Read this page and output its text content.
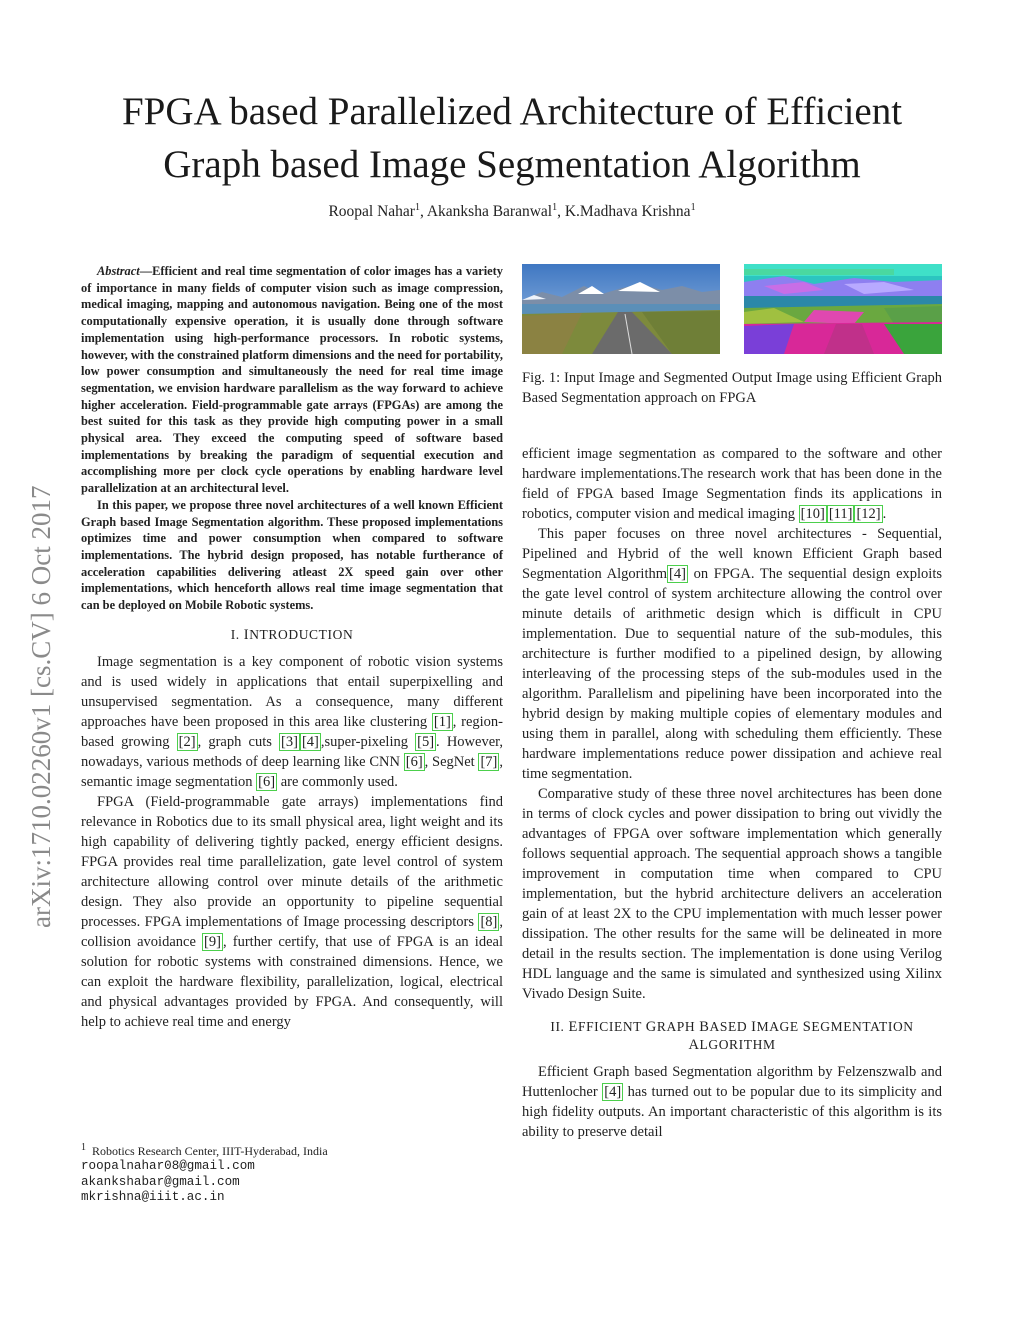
arXiv:1710.02260v1 [cs.CV] 6 Oct 2017
FPGA based Parallelized Architecture of Efficient
Graph based Image Segmentation Algorithm
Roopal Nahar$^1$, Akanksha Baranwal$^1$, K.Madhava Krishna$^1$

Abstract—Efficient and real time segmentation of color images has a variety of importance in many fields of computer vision such as image compression, medical imaging, mapping and autonomous navigation. Being one of the most computationally expensive operation, it is usually done through software implementation using high-performance processors. In robotic systems, however, with the constrained platform dimensions and the need for portability, low power consumption and simultaneously the need for real time image segmentation, we envision hardware parallelism as the way forward to achieve higher acceleration. Field-programmable gate arrays (FPGAs) are among the best suited for this task as they provide high computing power in a small physical area. They exceed the computing speed of software based implementations by breaking the paradigm of sequential execution and accomplishing more per clock cycle operations by enabling hardware level parallelization at an architectural level.

In this paper, we propose three novel architectures of a well known Efficient Graph based Image Segmentation algorithm. These proposed implementations optimizes time and power consumption when compared to software implementations. The hybrid design proposed, has notable furtherance of acceleration capabilities delivering atleast 2X speed gain over other implementations, which henceforth allows real time image segmentation that can be deployed on Mobile Robotic systems.

I. INTRODUCTION

Image segmentation is a key component of robotic vision systems and is used widely in applications that entail superpixelling and unsupervised segmentation. As a consequence, many different approaches have been proposed in this area like clustering [1] , region-based growing [2] , graph cuts [3] [4] ,super-pixeling [5] . However, nowadays, various methods of deep learning like CNN [6] , SegNet [7] , semantic image segmentation [6] are commonly used.

FPGA (Field-programmable gate arrays) implementations find relevance in Robotics due to its small physical area, light weight and its high capability of delivering tightly packed, energy efficient designs. FPGA provides real time parallelization, gate level control of system architecture allowing control over minute details of the arithmetic design. They also provide an opportunity to pipeline sequential processes. FPGA implementations of Image processing descriptors [8] , collision avoidance [9] , further certify, that use of FPGA is an ideal solution for robotic systems with constrained dimensions. Hence, we can exploit the hardware flexibility, parallelization, logical, electrical and physical advantages provided by FPGA. And consequently, will help to achieve real time and energy

$^1$ Robotics Research Center, IIIT-Hyderabad, India
roopalnahar08@gmail.com
akankshabar@gmail.com
mkrishna@iiit.ac.in
Fig. 1: Input Image and Segmented Output Image using Efficient Graph Based Segmentation approach on FPGA

efficient image segmentation as compared to the software and other hardware implementations.The research work that has been done in the field of FPGA based Image Segmentation finds its applications in robotics, computer vision and medical imaging [10] [11] [12] .

This paper focuses on three novel architectures - Sequential, Pipelined and Hybrid of the well known Efficient Graph based Segmentation Algorithm [4] on FPGA. The sequential design exploits the gate level control of system architecture allowing the control over minute details of arithmetic design which is difficult in CPU implementation. Due to sequential nature of the sub-modules, this architecture is further modified to a pipelined design, by allowing interleaving of the processing steps of the sub-modules used in the algorithm. Parallelism and pipelining have been incorporated into the hybrid design by making multiple copies of elementary modules and using them in parallel, along with scheduling them efficiently. These hardware implementations reduce power dissipation and achieve real time segmentation.

Comparative study of these three novel architectures has been done in terms of clock cycles and power dissipation to bring out vividly the advantages of FPGA over software implementation which generally follows sequential approach. The sequential approach shows a tangible improvement in computation time when compared to CPU implementation, but the hybrid architecture delivers an acceleration gain of at least 2X to the CPU implementation with much lesser power dissipation. The other results for the same will be delineated in more detail in the results section. The implementation is done using Verilog HDL language and the same is simulated and synthesized using Xilinx Vivado Design Suite.

II. EFFICIENT GRAPH BASED IMAGE SEGMENTATION
ALGORITHM

Efficient Graph based Segmentation algorithm by Felzenszwalb and Huttenlocher [4] has turned out to be popular due to its simplicity and high fidelity outputs. An important characteristic of this algorithm is its ability to preserve detail
